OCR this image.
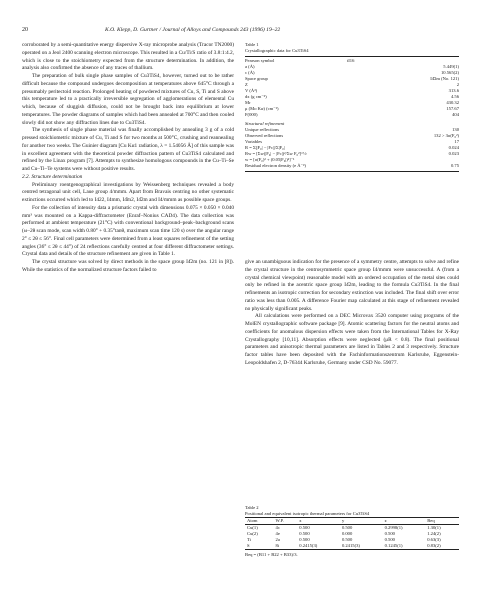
20	K.O. Klepp, D. Gurtner / Journal of Alloys and Compounds 243 (1996) 19–22

corroborated by a semi-quantitative energy dispersive X-ray microprobe analysis (Tracor TN2000) operated on a Jeol 2400 scanning electron microscope. This resulted in a Cu/Ti/S ratio of 3.8:1:4.2, which is close to the stoichiometry expected from the structure determination. In addition, the analysis also confirmed the absence of any traces of thallium.

The preparation of bulk single phase samples of Cu3TiS4, however, turned out to be rather difficult because the compound undergoes decomposition at temperatures above 645°C through a presumably peritectoid reaction. Prolonged heating of powdered mixtures of Cu, S, Ti and S above this temperature led to a practically irreversible segregation of agglomerations of elemental Cu which, because of sluggish diffusion, could not be brought back into equilibrium at lower temperatures. The powder diagrams of samples which had been annealed at 700°C and then cooled slowly did not show any diffraction lines due to Cu3TiS4.

The synthesis of single phase material was finally accomplished by annealing 3 g of a cold pressed stoichiometric mixture of Cu, Ti and S for two months at 500°C, crushing and reannealing for another two weeks. The Guinier diagram [Cu Kα1 radiation, λ = 1.54056 Å] of this sample was in excellent agreement with the theoretical powder diffraction pattern of Cu3TiS4 calculated and refined by the Linax program [7]. Attempts to synthesize homologous compounds in the Cu–Ti–Se and Cu–Ti–Te systems were without positive results.

2.2. Structure determination

Preliminary roentgenographical investigations by Weissenberg techniques revealed a body centred tetragonal unit cell, Laue group 4/mmm. Apart from Bravais centring no other systematic extinctions occurred which led to I422, I4mm, I4̄m2, I4̄2m and I4/mmm as possible space groups.

For the collection of intensity data a prismatic crystal with dimensions 0.075 × 0.050 × 0.040 mm³ was mounted on a Kappa-diffractometer (Enraf–Nonius CAD4). The data collection was performed at ambient temperature (21°C) with conventional background–peak–background scans (ω–2θ scan mode, scan width 0.80° + 0.35°tanθ, maximum scan time 120 s) over the angular range 2° ≤ 2θ ≤ 56°. Final cell parameters were determined from a least squares refinement of the setting angles (36° ≤ 2θ ≤ 44°) of 24 reflections carefully centred at four different diffractometer settings. Crystal data and details of the structure refinement are given in Table 1.

The crystal structure was solved by direct methods in the space group I4̄2m (no. 121 in [8]). While the statistics of the normalized structure factors failed to

Table 1
Crystallographic data for Cu3TiS4
Pearson symbol	tI16
a (Å)	5.449(1)
c (Å)	10.565(2)
Space group	I4̄2m (No. 121)
Z	2
V (Å³)	313.6
dx (g cm⁻³)	4.56
Mr	430.32
μ (Mo Kα) (cm⁻¹)	157.67
F(000)	404
Structural refinement
Unique reflections	130
Observed reflections	132 > 3σ(F₀²)
Variables	17
R = Σ||F₀| − |Fc||/Σ|F₀|	0.024
Rw = [Σw(|F₀| − |Fc|)²/Σw F₀²]^½	0.023
w = [σ(F₀)² + (0.05|F₀|)²]⁻¹
Residual electron density (e Å⁻³)	0.75

give an unambiguous indication for the presence of a symmetry centre, attempts to solve and refine the crystal structure in the centrosymmetric space group I4/mmm were unsuccessful. A (from a crystal chemical viewpoint) reasonable model with an ordered occupation of the metal sites could only be refined in the acentric space group I4̄2m, leading to the formula Cu3TiS4. In the final refinements an isotropic correction for secondary extinction was included. The final shift over error ratio was less than 0.005. A difference Fourier map calculated at this stage of refinement revealed no physically significant peaks.

All calculations were performed on a DEC Microvax 3520 computer using programs of the MolEN crystallographic software package [9]. Atomic scattering factors for the neutral atoms and coefficients for anomalous dispersion effects were taken from the International Tables for X-Ray Crystallography [10,11]. Absorption effects were neglected (μR < 0.8). The final positional parameters and anisotropic thermal parameters are listed in Tables 2 and 3 respectively. Structure factor tables have been deposited with the Fachinformationszentrum Karlsruhe, Eggenstein-Leopoldshafen 2, D-76344 Karlsruhe, Germany under CSD No. 59077.

Table 2
Positional and equivalent isotropic thermal parameters for Cu3TiS4
Atom	W.P.	x	y	z	Beq
Cu(1)	4c	0.500	0.500	0.2998(1)	1.30(1)
Cu(2)	4e	0.500	0.000	0.500	1.24(2)
Ti	2a	0.500	0.500	0.500	0.63(3)
S	8i	0.2415(3)	0.2415(3)	0.1245(1)	0.83(2)
Beq = (B11 + B22 + B33)/3.
